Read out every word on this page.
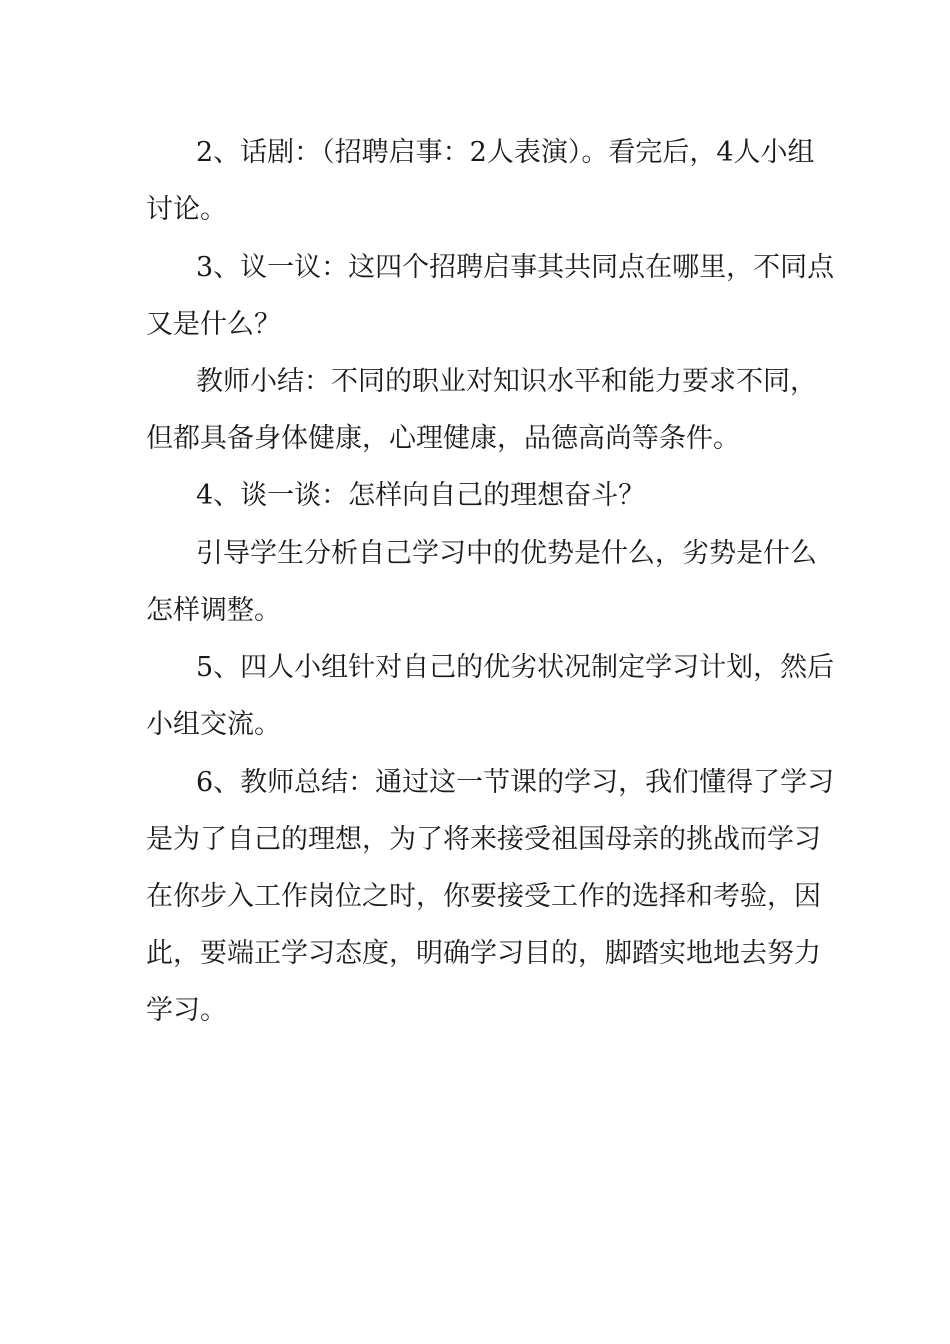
2、话剧：（招聘启事：2人表演）。看完后，4人小组
讨论。
3、议一议：这四个招聘启事其共同点在哪里，不同点
又是什么？
教师小结：不同的职业对知识水平和能力要求不同，
但都具备身体健康，心理健康，品德高尚等条件。
4、谈一谈：怎样向自己的理想奋斗？
引导学生分析自己学习中的优势是什么，劣势是什么
怎样调整。
5、四人小组针对自己的优劣状况制定学习计划，然后
小组交流。
6、教师总结：通过这一节课的学习，我们懂得了学习
是为了自己的理想，为了将来接受祖国母亲的挑战而学习
在你步入工作岗位之时，你要接受工作的选择和考验，因
此，要端正学习态度，明确学习目的，脚踏实地地去努力
学习。
